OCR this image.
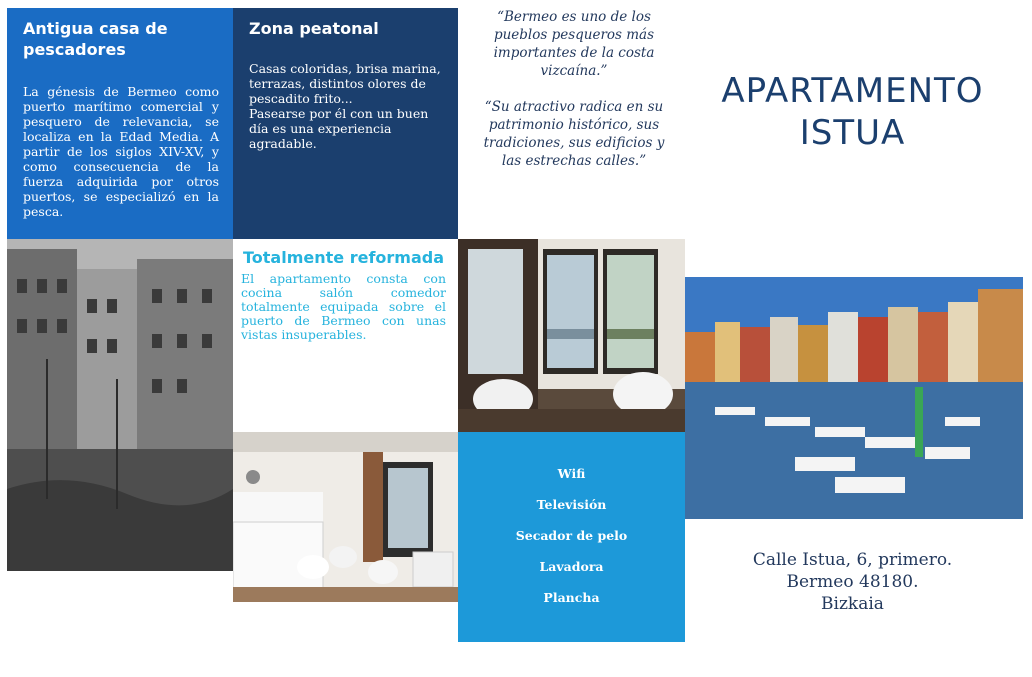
Antigua casa de pescadores

La génesis de Bermeo como puerto marítimo comercial y pesquero de relevancia, se localiza en la Edad Media. A partir de los siglos XIV-XV, y como consecuencia de la fuerza adquirida por otros puertos, se especializó en la pesca.

Zona peatonal

Casas coloridas, brisa marina, terrazas, distintos olores de pescadito frito...

Pasearse por él con un buen día es una experiencia agradable.

“Bermeo es uno de los pueblos pesqueros más importantes de la costa vizcaína.”

“Su atractivo radica en su patrimonio histórico, sus tradiciones, sus edificios y las estrechas calles.”

APARTAMENTO
ISTUA
Totalmente reformada

El apartamento consta con cocina salón comedor totalmente equipada sobre el puerto de Bermeo con unas vistas insuperables.

Wifi
Televisión
Secador de pelo
Lavadora
Plancha
Calle Istua, 6, primero.
Bermeo 48180.
Bizkaia
